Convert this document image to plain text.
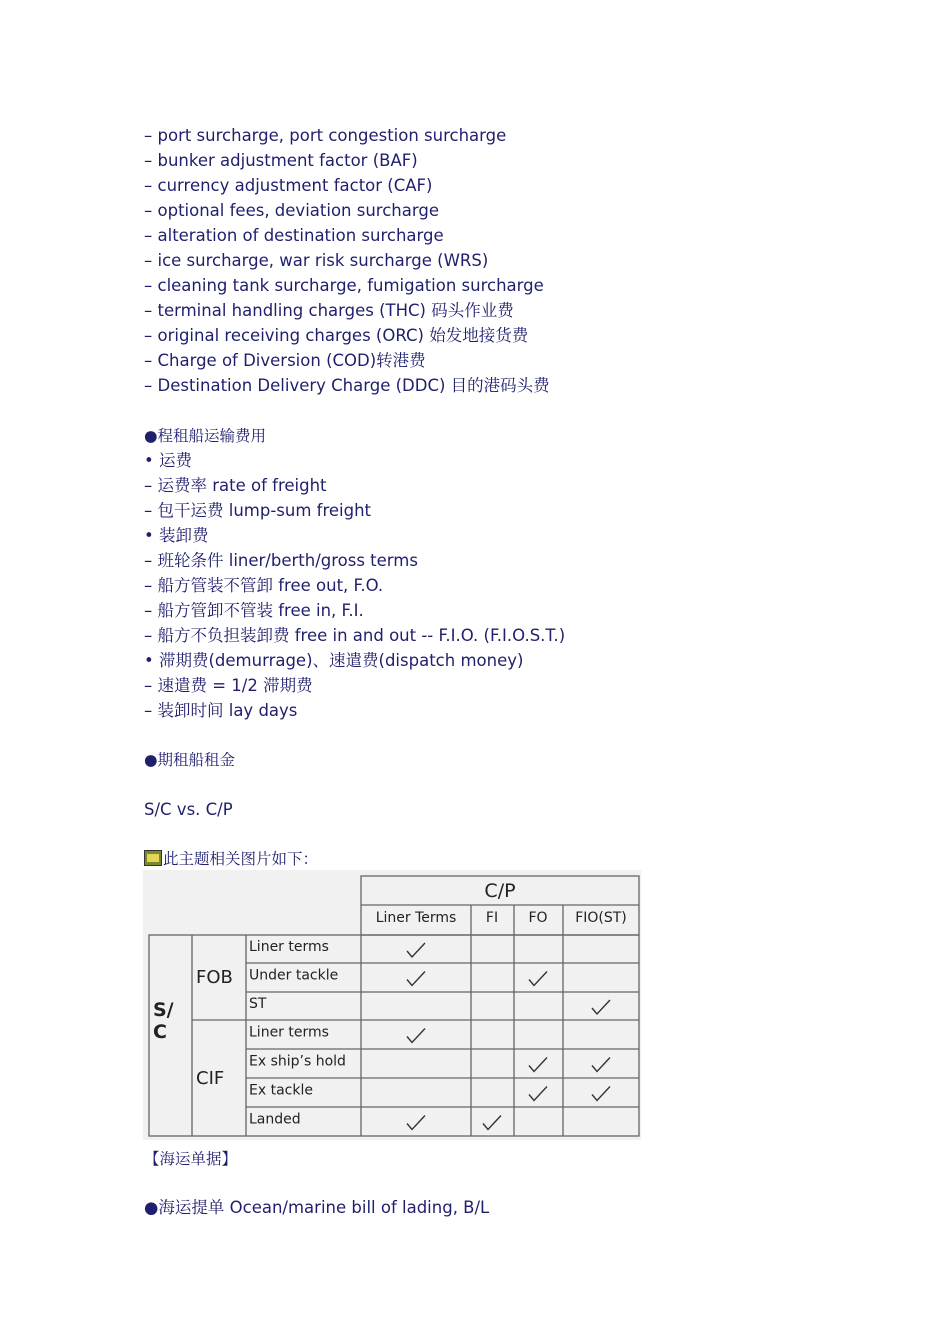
– port surcharge, port congestion surcharge
– bunker adjustment factor (BAF)
– currency adjustment factor (CAF)
– optional fees, deviation surcharge
– alteration of destination surcharge
– ice surcharge, war risk surcharge (WRS)
– cleaning tank surcharge, fumigation surcharge
– terminal handling charges (THC) 码头作业费
– original receiving charges (ORC) 始发地接货费
– Charge of Diversion (COD)转港费
– Destination Delivery Charge (DDC) 目的港码头费
●程租船运输费用
• 运费
– 运费率 rate of freight
– 包干运费 lump-sum freight
• 装卸费
– 班轮条件 liner/berth/gross terms
– 船方管装不管卸 free out, F.O.
– 船方管卸不管装 free in, F.I.
– 船方不负担装卸费 free in and out -- F.I.O. (F.I.O.S.T.)
• 滞期费(demurrage)、速遣费(dispatch money)
– 速遣费 = 1/2 滞期费
– 装卸时间 lay days
●期租船租金
S/C vs. C/P
此主题相关图片如下：
C/P
Liner Terms FI FO FIO(ST)
S/
C
FOB
CIF
Liner terms
Under tackle
ST
Liner terms
Ex ship’s hold
Ex tackle
Landed
【海运单据】
●海运提单 Ocean/marine bill of lading, B/L
